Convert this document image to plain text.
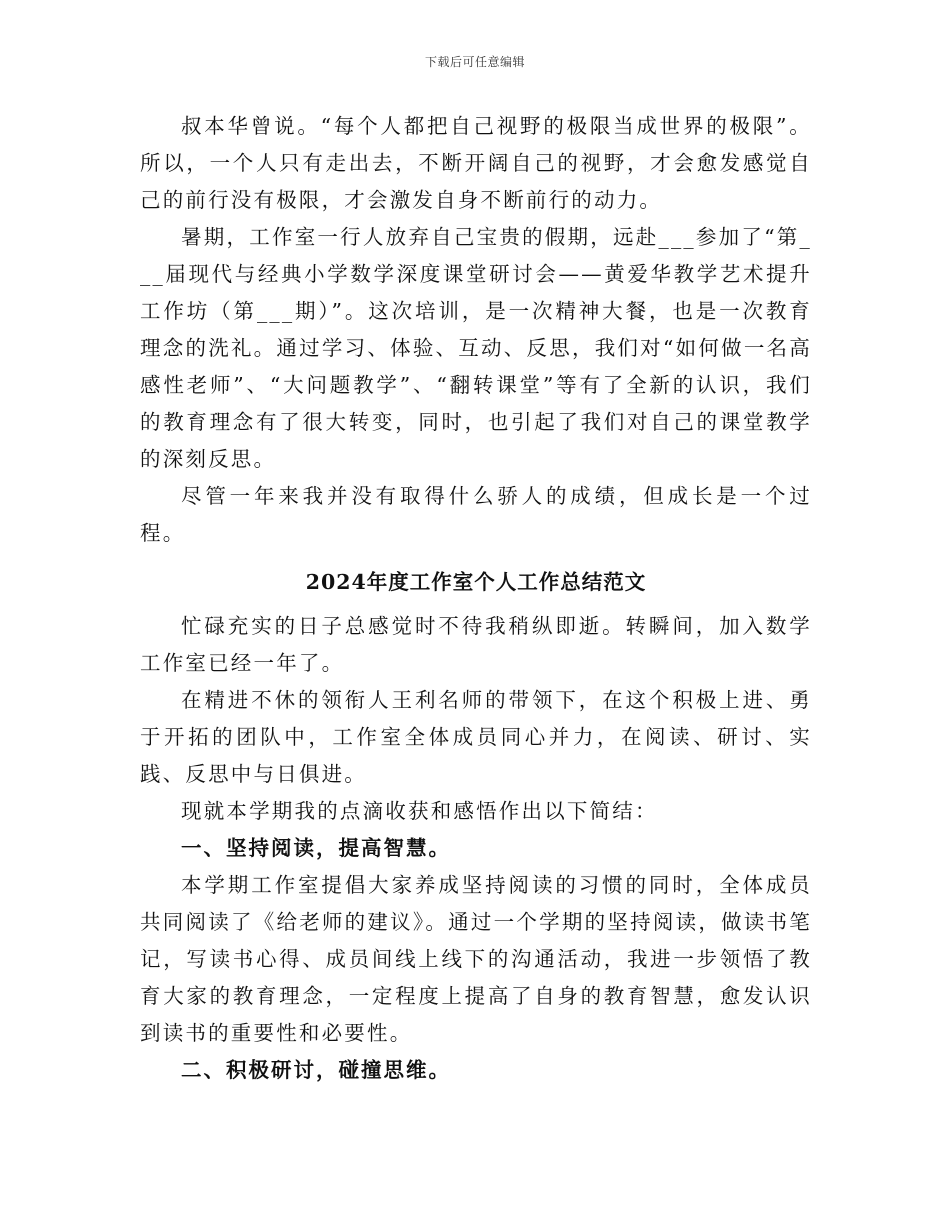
下载后可任意编辑

叔本华曾说。“每个人都把自己视野的极限当成世界的极限”。所以，一个人只有走出去，不断开阔自己的视野，才会愈发感觉自己的前行没有极限，才会激发自身不断前行的动力。

暑期，工作室一行人放弃自己宝贵的假期，远赴___参加了“第___届现代与经典小学数学深度课堂研讨会——黄爱华教学艺术提升工作坊（第___期）”。这次培训，是一次精神大餐，也是一次教育理念的洗礼。通过学习、体验、互动、反思，我们对“如何做一名高感性老师”、“大问题教学”、“翻转课堂”等有了全新的认识，我们的教育理念有了很大转变，同时，也引起了我们对自己的课堂教学的深刻反思。

尽管一年来我并没有取得什么骄人的成绩，但成长是一个过程。

2024年度工作室个人工作总结范文

忙碌充实的日子总感觉时不待我稍纵即逝。转瞬间，加入数学工作室已经一年了。

在精进不休的领衔人王利名师的带领下，在这个积极上进、勇于开拓的团队中，工作室全体成员同心并力，在阅读、研讨、实践、反思中与日俱进。

现就本学期我的点滴收获和感悟作出以下简结：

一、坚持阅读，提高智慧。

本学期工作室提倡大家养成坚持阅读的习惯的同时，全体成员共同阅读了《给老师的建议》。通过一个学期的坚持阅读，做读书笔记，写读书心得、成员间线上线下的沟通活动，我进一步领悟了教育大家的教育理念，一定程度上提高了自身的教育智慧，愈发认识到读书的重要性和必要性。

二、积极研讨，碰撞思维。
